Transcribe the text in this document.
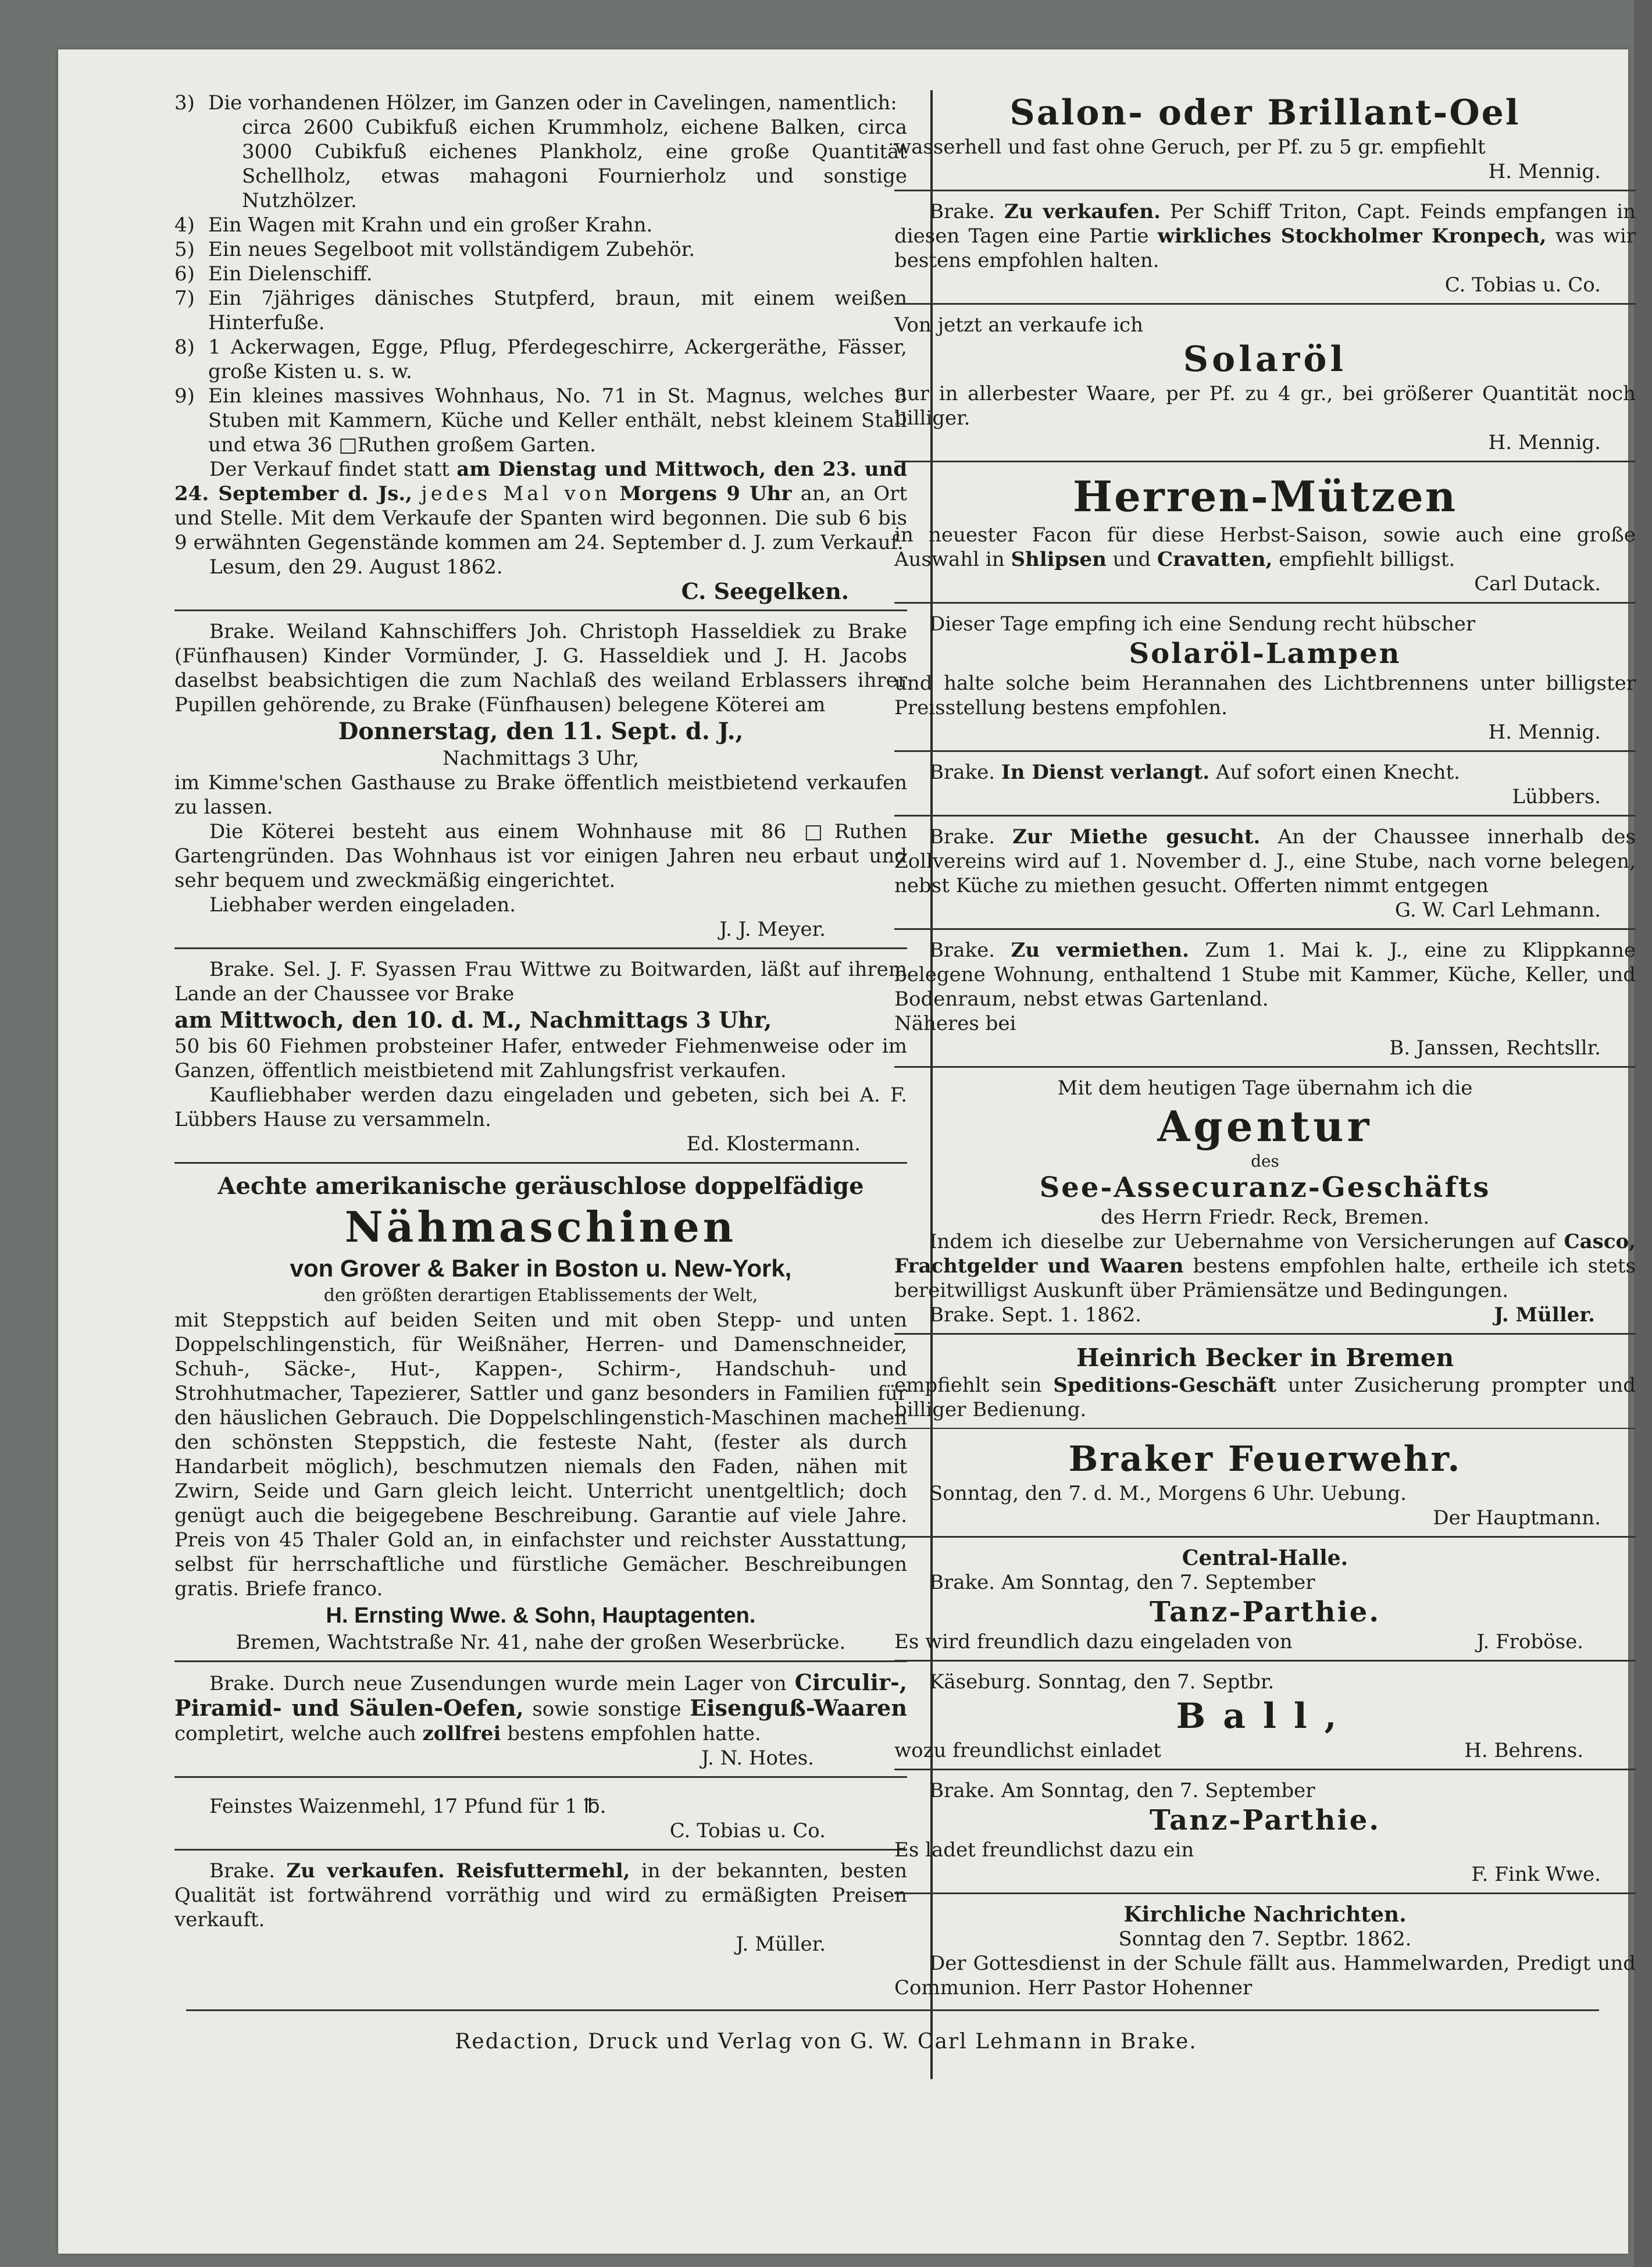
3) Die vorhandenen Hölzer, im Ganzen oder in Cavelingen, namentlich:
circa 2600 Cubikfuß eichen Krummholz, eichene Balken, circa 3000 Cubikfuß eichenes Plankholz, eine große Quantität Schellholz, etwas mahagoni Fournierholz und sonstige Nutzhölzer.
4) Ein Wagen mit Krahn und ein großer Krahn.
5) Ein neues Segelboot mit vollständigem Zubehör.
6) Ein Dielenschiff.
7) Ein 7jähriges dänisches Stutpferd, braun, mit einem weißen Hinterfuße.
8) 1 Ackerwagen, Egge, Pflug, Pferdegeschirre, Ackergeräthe, Fässer, große Kisten u. s. w.
9) Ein kleines massives Wohnhaus, No. 71 in St. Magnus, welches 3 Stuben mit Kammern, Küche und Keller enthält, nebst kleinem Stall und etwa 36 □Ruthen großem Garten.

Der Verkauf findet statt am Dienstag und Mittwoch, den 23. und 24. September d. Js., jedes Mal von Morgens 9 Uhr an, an Ort und Stelle. Mit dem Verkaufe der Spanten wird begonnen. Die sub 6 bis 9 erwähnten Gegenstände kommen am 24. September d. J. zum Verkauf.

Lesum, den 29. August 1862.

C. Seegelken.

Brake. Weiland Kahnschiffers Joh. Christoph Hasseldiek zu Brake (Fünfhausen) Kinder Vormünder, J. G. Hasseldiek und J. H. Jacobs daselbst beabsichtigen die zum Nachlaß des weiland Erblassers ihrer Pupillen gehörende, zu Brake (Fünfhausen) belegene Köterei am

Donnerstag, den 11. Sept. d. J.,

Nachmittags 3 Uhr,

im Kimme'schen Gasthause zu Brake öffentlich meistbietend verkaufen zu lassen.

Die Köterei besteht aus einem Wohnhause mit 86 □Ruthen Gartengründen. Das Wohnhaus ist vor einigen Jahren neu erbaut und sehr bequem und zweckmäßig eingerichtet.

Liebhaber werden eingeladen.

J. J. Meyer.

Brake. Sel. J. F. Syassen Frau Wittwe zu Boitwarden, läßt auf ihrem Lande an der Chaussee vor Brake

am Mittwoch, den 10. d. M., Nachmittags 3 Uhr,

50 bis 60 Fiehmen probsteiner Hafer, entweder Fiehmenweise oder im Ganzen, öffentlich meistbietend mit Zahlungsfrist verkaufen.

Kaufliebhaber werden dazu eingeladen und gebeten, sich bei A. F. Lübbers Hause zu versammeln.

Ed. Klostermann.

Aechte amerikanische geräuschlose doppelfädige

Nähmaschinen

von Grover & Baker in Boston u. New-York,

den größten derartigen Etablissements der Welt,

mit Steppstich auf beiden Seiten und mit oben Stepp- und unten Doppelschlingenstich, für Weißnäher, Herren- und Damenschneider, Schuh-, Säcke-, Hut-, Kappen-, Schirm-, Handschuh- und Strohhutmacher, Tapezierer, Sattler und ganz besonders in Familien für den häuslichen Gebrauch. Die Doppelschlingenstich-Maschinen machen den schönsten Steppstich, die festeste Naht, (fester als durch Handarbeit möglich), beschmutzen niemals den Faden, nähen mit Zwirn, Seide und Garn gleich leicht. Unterricht unentgeltlich; doch genügt auch die beigegebene Beschreibung. Garantie auf viele Jahre. Preis von 45 Thaler Gold an, in einfachster und reichster Ausstattung, selbst für herrschaftliche und fürstliche Gemächer. Beschreibungen gratis. Briefe franco.

H. Ernsting Wwe. & Sohn, Hauptagenten.

Bremen, Wachtstraße Nr. 41, nahe der großen Weserbrücke.

Brake. Durch neue Zusendungen wurde mein Lager von Circulir-, Piramid- und Säulen-Oefen, sowie sonstige Eisenguß-Waaren completirt, welche auch zollfrei bestens empfohlen hatte.

J. N. Hotes.

Feinstes Waizenmehl, 17 Pfund für 1 ℔.

C. Tobias u. Co.

Brake. Zu verkaufen. Reisfuttermehl, in der bekannten, besten Qualität ist fortwährend vorräthig und wird zu ermäßigten Preisen verkauft.

J. Müller.

Salon- oder Brillant-Oel

wasserhell und fast ohne Geruch, per Pf. zu 5 gr. empfiehlt

H. Mennig.

Brake. Zu verkaufen. Per Schiff Triton, Capt. Feinds empfangen in diesen Tagen eine Partie wirkliches Stockholmer Kronpech, was wir bestens empfohlen halten.

C. Tobias u. Co.

Von jetzt an verkaufe ich

Solaröl

nur in allerbester Waare, per Pf. zu 4 gr., bei größerer Quantität noch billiger.

H. Mennig.

Herren-Mützen

in neuester Facon für diese Herbst-Saison, sowie auch eine große Auswahl in Shlipsen und Cravatten, empfiehlt billigst.

Carl Dutack.

Dieser Tage empfing ich eine Sendung recht hübscher

Solaröl-Lampen

und halte solche beim Herannahen des Lichtbrennens unter billigster Preisstellung bestens empfohlen.

H. Mennig.

Brake. In Dienst verlangt. Auf sofort einen Knecht.

Lübbers.

Brake. Zur Miethe gesucht. An der Chaussee innerhalb des Zollvereins wird auf 1. November d. J., eine Stube, nach vorne belegen, nebst Küche zu miethen gesucht. Offerten nimmt entgegen

G. W. Carl Lehmann.

Brake. Zu vermiethen. Zum 1. Mai k. J., eine zu Klippkanne belegene Wohnung, enthaltend 1 Stube mit Kammer, Küche, Keller, und Bodenraum, nebst etwas Gartenland.

Näheres bei

B. Janssen, Rechtsllr.

Mit dem heutigen Tage übernahm ich die

Agentur

des

See-Assecuranz-Geschäfts

des Herrn Friedr. Reck, Bremen.

Indem ich dieselbe zur Uebernahme von Versicherungen auf Casco, Frachtgelder und Waaren bestens empfohlen halte, ertheile ich stets bereitwilligst Auskunft über Prämiensätze und Bedingungen.

Brake. Sept. 1. 1862.	J. Müller.

Heinrich Becker in Bremen

empfiehlt sein Speditions-Geschäft unter Zusicherung prompter und billiger Bedienung.

Braker Feuerwehr.

Sonntag, den 7. d. M., Morgens 6 Uhr. Uebung.

Der Hauptmann.

Central-Halle.

Brake. Am Sonntag, den 7. September

Tanz-Parthie.

Es wird freundlich dazu eingeladen von	J. Froböse.

Käseburg. Sonntag, den 7. Septbr.

Ball,

wozu freundlichst einladet	H. Behrens.

Brake. Am Sonntag, den 7. September

Tanz-Parthie.

Es ladet freundlichst dazu ein

F. Fink Wwe.

Kirchliche Nachrichten.

Sonntag den 7. Septbr. 1862.

Der Gottesdienst in der Schule fällt aus. Hammelwarden, Predigt und Communion. Herr Pastor Hohenner

Redaction, Druck und Verlag von G. W. Carl Lehmann in Brake.
